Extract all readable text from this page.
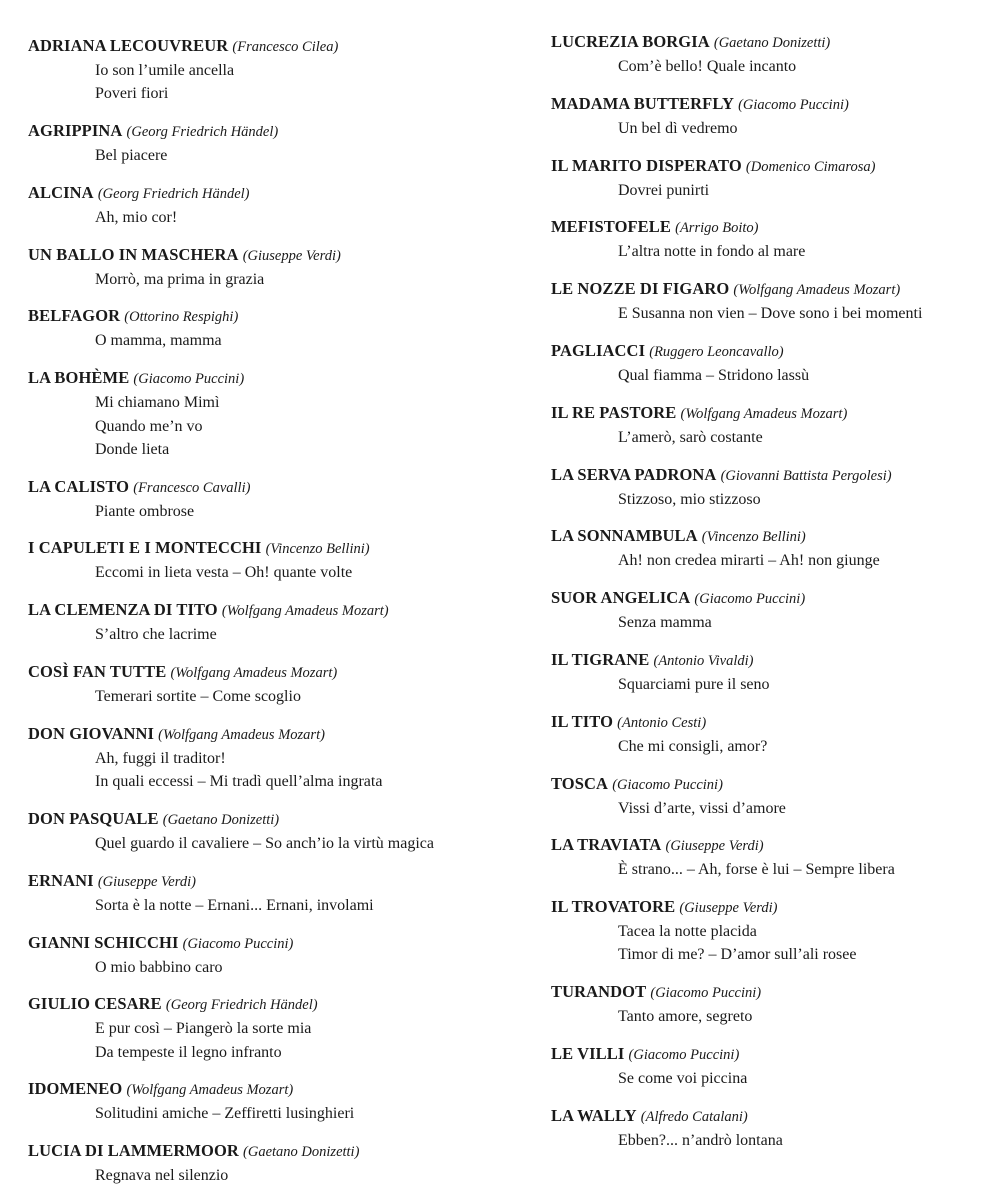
ADRIANA LECOUVREUR (Francesco Cilea)
Io son l’umile ancella
Poveri fiori
AGRIPPINA (Georg Friedrich Händel)
Bel piacere
ALCINA (Georg Friedrich Händel)
Ah, mio cor!
UN BALLO IN MASCHERA (Giuseppe Verdi)
Morrò, ma prima in grazia
BELFAGOR (Ottorino Respighi)
O mamma, mamma
LA BOHÈME (Giacomo Puccini)
Mi chiamano Mimì
Quando me’n vo
Donde lieta
LA CALISTO (Francesco Cavalli)
Piante ombrose
I CAPULETI E I MONTECCHI (Vincenzo Bellini)
Eccomi in lieta vesta – Oh! quante volte
LA CLEMENZA DI TITO (Wolfgang Amadeus Mozart)
S’altro che lacrime
COSÌ FAN TUTTE (Wolfgang Amadeus Mozart)
Temerari sortite – Come scoglio
DON GIOVANNI (Wolfgang Amadeus Mozart)
Ah, fuggi il traditor!
In quali eccessi – Mi tradì quell’alma ingrata
DON PASQUALE (Gaetano Donizetti)
Quel guardo il cavaliere – So anch’io la virtù magica
ERNANI (Giuseppe Verdi)
Sorta è la notte – Ernani... Ernani, involami
GIANNI SCHICCHI (Giacomo Puccini)
O mio babbino caro
GIULIO CESARE (Georg Friedrich Händel)
E pur così – Piangerò la sorte mia
Da tempeste il legno infranto
IDOMENEO (Wolfgang Amadeus Mozart)
Solitudini amiche – Zeffiretti lusinghieri
LUCIA DI LAMMERMOOR (Gaetano Donizetti)
Regnava nel silenzio
LUCREZIA BORGIA (Gaetano Donizetti)
Com’è bello! Quale incanto
MADAMA BUTTERFLY (Giacomo Puccini)
Un bel dì vedremo
IL MARITO DISPERATO (Domenico Cimarosa)
Dovrei punirti
MEFISTOFELE (Arrigo Boito)
L’altra notte in fondo al mare
LE NOZZE DI FIGARO (Wolfgang Amadeus Mozart)
E Susanna non vien – Dove sono i bei momenti
PAGLIACCI (Ruggero Leoncavallo)
Qual fiamma – Stridono lassù
IL RE PASTORE (Wolfgang Amadeus Mozart)
L’amerò, sarò costante
LA SERVA PADRONA (Giovanni Battista Pergolesi)
Stizzoso, mio stizzoso
LA SONNAMBULA (Vincenzo Bellini)
Ah! non credea mirarti – Ah! non giunge
SUOR ANGELICA (Giacomo Puccini)
Senza mamma
IL TIGRANE (Antonio Vivaldi)
Squarciami pure il seno
IL TITO (Antonio Cesti)
Che mi consigli, amor?
TOSCA (Giacomo Puccini)
Vissi d’arte, vissi d’amore
LA TRAVIATA (Giuseppe Verdi)
È strano... – Ah, forse è lui – Sempre libera
IL TROVATORE (Giuseppe Verdi)
Tacea la notte placida
Timor di me? – D’amor sull’ali rosee
TURANDOT (Giacomo Puccini)
Tanto amore, segreto
LE VILLI (Giacomo Puccini)
Se come voi piccina
LA WALLY (Alfredo Catalani)
Ebben?... n’andrò lontana
